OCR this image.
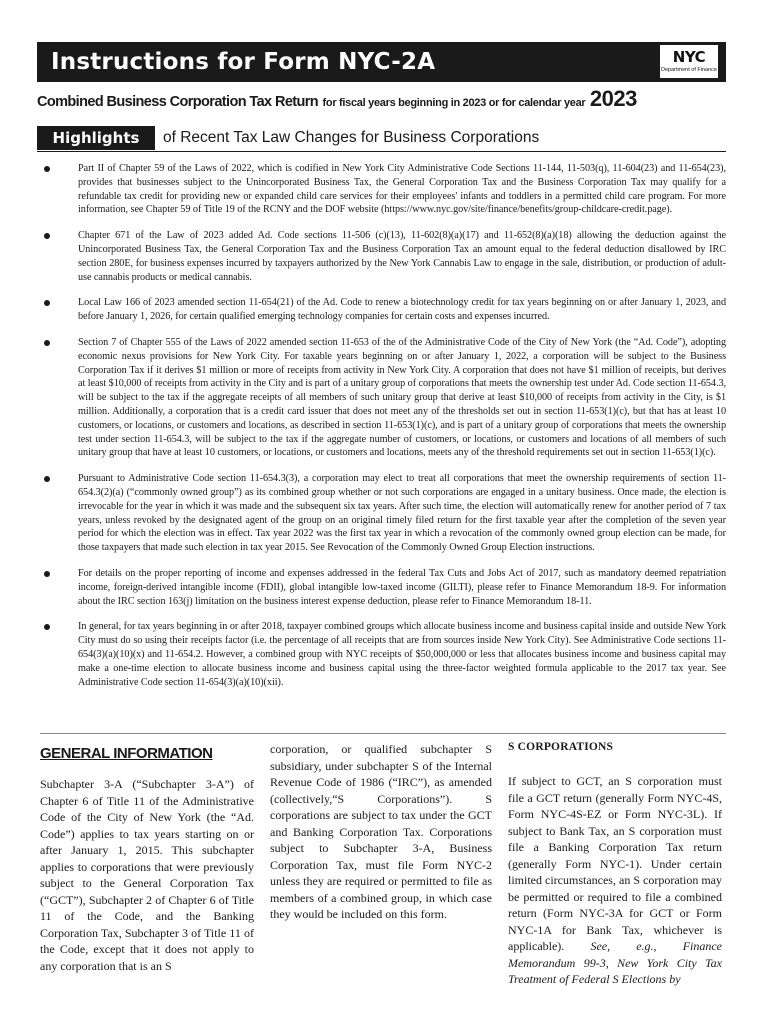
Instructions for Form NYC-2A	NYC
Department of Finance
Combined Business Corporation Tax Return for fiscal years beginning in 2023 or for calendar year 2023
Highlights	of Recent Tax Law Changes for Business Corporations
Part II of Chapter 59 of the Laws of 2022, which is codified in New York City Administrative Code Sections 11-144, 11-503(q), 11-604(23) and 11-654(23), provides that businesses subject to the Unincorporated Business Tax, the General Corporation Tax and the Business Corporation Tax may qualify for a refundable tax credit for providing new or expanded child care services for their employees' infants and toddlers in a permitted child care program. For more information, see Chapter 59 of Title 19 of the RCNY and the DOF website (https://www.nyc.gov/site/finance/benefits/group-childcare-credit.page).
Chapter 671 of the Law of 2023 added Ad. Code sections 11-506 (c)(13), 11-602(8)(a)(17) and 11-652(8)(a)(18) allowing the deduction against the Unincorporated Business Tax, the General Corporation Tax and the Business Corporation Tax an amount equal to the federal deduction disallowed by IRC section 280E, for business expenses incurred by taxpayers authorized by the New York Cannabis Law to engage in the sale, distribution, or production of adult-use cannabis products or medical cannabis.
Local Law 166 of 2023 amended section 11-654(21) of the Ad. Code to renew a biotechnology credit for tax years beginning on or after January 1, 2023, and before January 1, 2026, for certain qualified emerging technology companies for certain costs and expenses incurred.
Section 7 of Chapter 555 of the Laws of 2022 amended section 11-653 of the of the Administrative Code of the City of New York (the “Ad. Code”), adopting economic nexus provisions for New York City. For taxable years beginning on or after January 1, 2022, a corporation will be subject to the Business Corporation Tax if it derives $1 million or more of receipts from activity in New York City. A corporation that does not have $1 million of receipts, but derives at least $10,000 of receipts from activity in the City and is part of a unitary group of corporations that meets the ownership test under Ad. Code section 11-654.3, will be subject to the tax if the aggregate receipts of all members of such unitary group that derive at least $10,000 of receipts from activity in the City, is $1 million. Additionally, a corporation that is a credit card issuer that does not meet any of the thresholds set out in section 11-653(1)(c), but that has at least 10 customers, or locations, or customers and locations, as described in section 11-653(1)(c), and is part of a unitary group of corporations that meets the ownership test under section 11-654.3, will be subject to the tax if the aggregate number of customers, or locations, or customers and locations of all members of such unitary group that have at least 10 customers, or locations, or customers and locations, meets any of the threshold requirements set out in section 11-653(1)(c).
Pursuant to Administrative Code section 11-654.3(3), a corporation may elect to treat all corporations that meet the ownership requirements of section 11-654.3(2)(a) (“commonly owned group”) as its combined group whether or not such corporations are engaged in a unitary business. Once made, the election is irrevocable for the year in which it was made and the subsequent six tax years. After such time, the election will automatically renew for another period of 7 tax years, unless revoked by the designated agent of the group on an original timely filed return for the first taxable year after the completion of the seven year period for which the election was in effect. Tax year 2022 was the first tax year in which a revocation of the commonly owned group election can be made, for those taxpayers that made such election in tax year 2015. See Revocation of the Commonly Owned Group Election instructions.
For details on the proper reporting of income and expenses addressed in the federal Tax Cuts and Jobs Act of 2017, such as mandatory deemed repatriation income, foreign-derived intangible income (FDII), global intangible low-taxed income (GILTI), please refer to Finance Memorandum 18-9. For information about the IRC section 163(j) limitation on the business interest expense deduction, please refer to Finance Memorandum 18-11.
In general, for tax years beginning in or after 2018, taxpayer combined groups which allocate business income and business capital inside and outside New York City must do so using their receipts factor (i.e. the percentage of all receipts that are from sources inside New York City). See Administrative Code sections 11-654(3)(a)(10)(x) and 11-654.2. However, a combined group with NYC receipts of $50,000,000 or less that allocates business income and business capital may make a one-time election to allocate business income and business capital using the three-factor weighted formula applicable to the 2017 tax year. See Administrative Code section 11-654(3)(a)(10)(xii).
GENERAL INFORMATION
Subchapter 3-A (“Subchapter 3-A”) of Chapter 6 of Title 11 of the Administrative Code of the City of New York (the “Ad. Code”) applies to tax years starting on or after January 1, 2015. This subchapter applies to corporations that were previously subject to the General Corporation Tax (“GCT”), Subchapter 2 of Chapter 6 of Title 11 of the Code, and the Banking Corporation Tax, Subchapter 3 of Title 11 of the Code, except that it does not apply to any corporation that is an S
corporation, or qualified subchapter S subsidiary, under subchapter S of the Internal Revenue Code of 1986 (“IRC”), as amended (collectively,“S Corporations”). S corporations are subject to tax under the GCT and Banking Corporation Tax. Corporations subject to Subchapter 3-A, Business Corporation Tax, must file Form NYC-2 unless they are required or permitted to file as members of a combined group, in which case they would be included on this form.
S CORPORATIONS
If subject to GCT, an S corporation must file a GCT return (generally Form NYC-4S, Form NYC-4S-EZ or Form NYC-3L). If subject to Bank Tax, an S corporation must file a Banking Corporation Tax return (generally Form NYC-1). Under certain limited circumstances, an S corporation may be permitted or required to file a combined return (Form NYC-3A for GCT or Form NYC-1A for Bank Tax, whichever is applicable). See, e.g., Finance Memorandum 99-3, New York City Tax Treatment of Federal S Elections by
